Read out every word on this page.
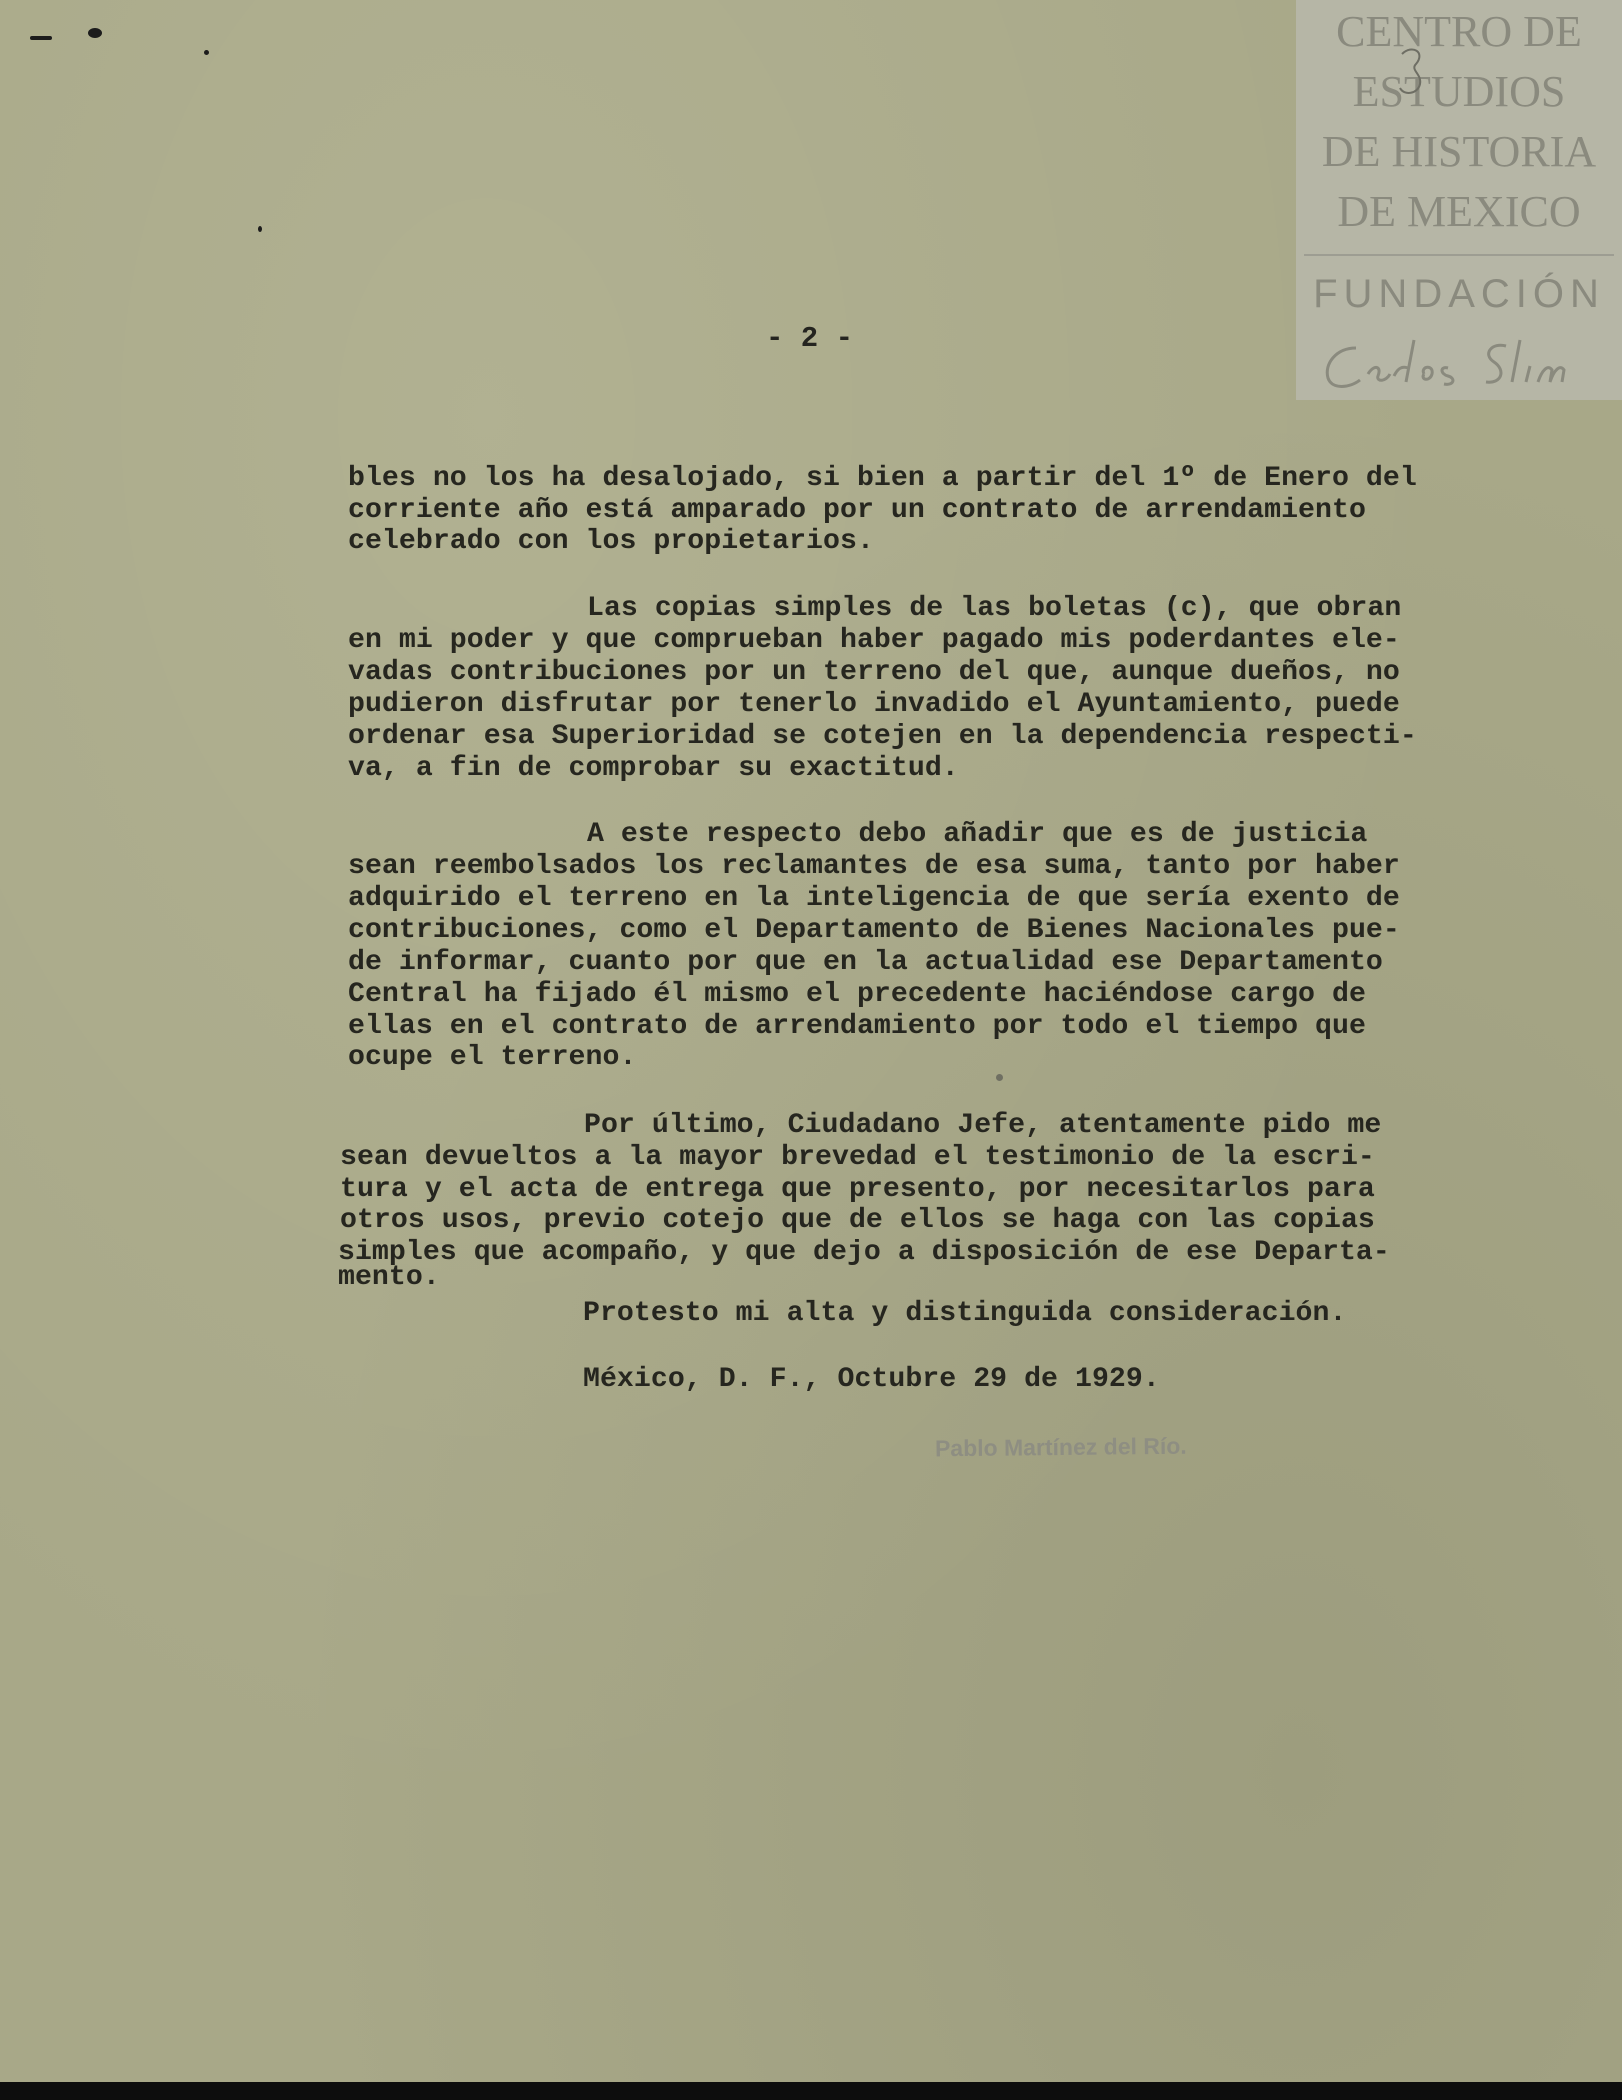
CENTRO DE
ESTUDIOS
DE HISTORIA
DE MEXICO
FUNDACIÓN
- 2 -
bles no los ha desalojado, si bien a partir del 1º de Enero del
corriente año está amparado por un contrato de arrendamiento
celebrado con los propietarios.
Las copias simples de las boletas (c), que obran
en mi poder y que comprueban haber pagado mis poderdantes ele-
vadas contribuciones por un terreno del que, aunque dueños, no
pudieron disfrutar por tenerlo invadido el Ayuntamiento, puede
ordenar esa Superioridad se cotejen en la dependencia respecti-
va, a fin de comprobar su exactitud.
A este respecto debo añadir que es de justicia
sean reembolsados los reclamantes de esa suma, tanto por haber
adquirido el terreno en la inteligencia de que sería exento de
contribuciones, como el Departamento de Bienes Nacionales pue-
de informar, cuanto por que en la actualidad ese Departamento
Central ha fijado él mismo el precedente haciéndose cargo de
ellas en el contrato de arrendamiento por todo el tiempo que
ocupe el terreno.
Por último, Ciudadano Jefe, atentamente pido me
sean devueltos a la mayor brevedad el testimonio de la escri-
tura y el acta de entrega que presento, por necesitarlos para
otros usos, previo cotejo que de ellos se haga con las copias
simples que acompaño, y que dejo a disposición de ese Departa-
mento.
Protesto mi alta y distinguida consideración.
México, D. F., Octubre 29 de 1929.
Pablo Martínez del Río.
